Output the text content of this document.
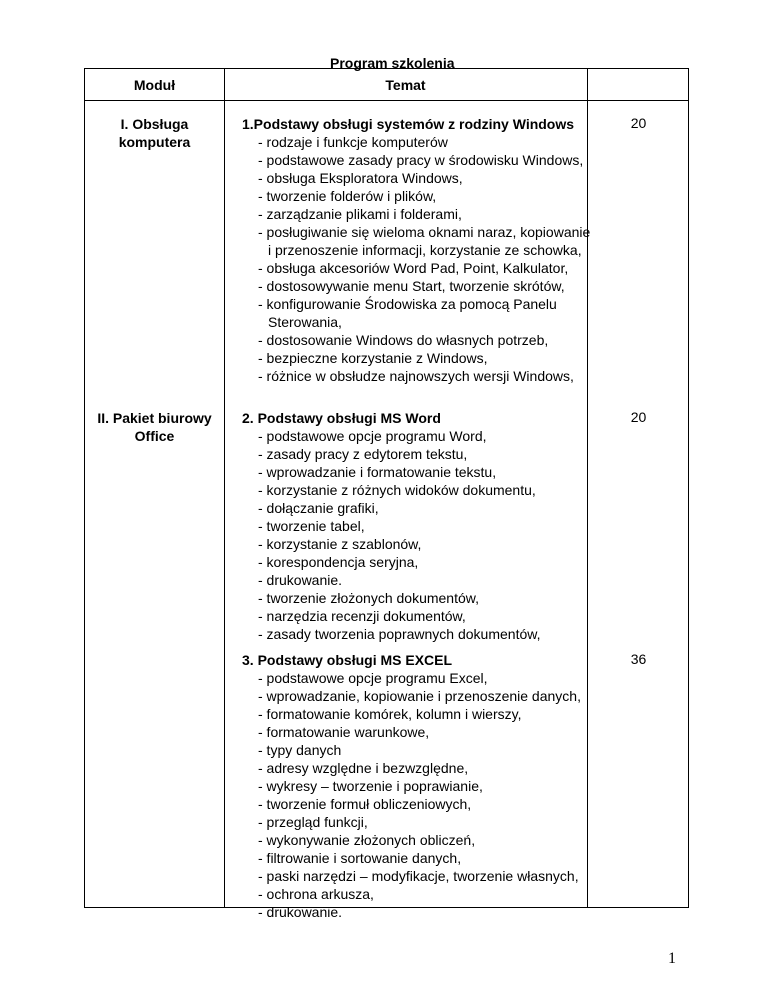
Program szkolenia
Moduł	Temat
I. Obsługa komputera
1.Podstawy obsługi systemów z rodziny Windows
- rodzaje i funkcje komputerów
- podstawowe zasady pracy w środowisku Windows,
- obsługa Eksploratora Windows,
- tworzenie folderów i plików,
- zarządzanie plikami i folderami,
- posługiwanie się wieloma oknami naraz, kopiowanie i przenoszenie informacji, korzystanie ze schowka,
- obsługa akcesoriów Word Pad, Point, Kalkulator,
- dostosowywanie menu Start, tworzenie skrótów,
- konfigurowanie Środowiska za pomocą Panelu Sterowania,
- dostosowanie Windows do własnych potrzeb,
- bezpieczne korzystanie z Windows,
- różnice w obsłudze najnowszych wersji Windows,
20
II. Pakiet biurowy Office
2. Podstawy obsługi MS Word
- podstawowe opcje programu Word,
- zasady pracy z edytorem tekstu,
- wprowadzanie i formatowanie tekstu,
- korzystanie z różnych widoków dokumentu,
- dołączanie grafiki,
- tworzenie tabel,
- korzystanie z szablonów,
- korespondencja seryjna,
- drukowanie.
- tworzenie złożonych dokumentów,
- narzędzia recenzji dokumentów,
- zasady tworzenia poprawnych dokumentów,
20
3. Podstawy obsługi MS EXCEL
- podstawowe opcje programu Excel,
- wprowadzanie, kopiowanie i przenoszenie danych,
- formatowanie komórek, kolumn i wierszy,
- formatowanie warunkowe,
- typy danych
- adresy względne i bezwzględne,
- wykresy – tworzenie i poprawianie,
- tworzenie formuł obliczeniowych,
- przegląd funkcji,
- wykonywanie złożonych obliczeń,
- filtrowanie i sortowanie danych,
- paski narzędzi – modyfikacje, tworzenie własnych,
- ochrona arkusza,
- drukowanie.
36
1
